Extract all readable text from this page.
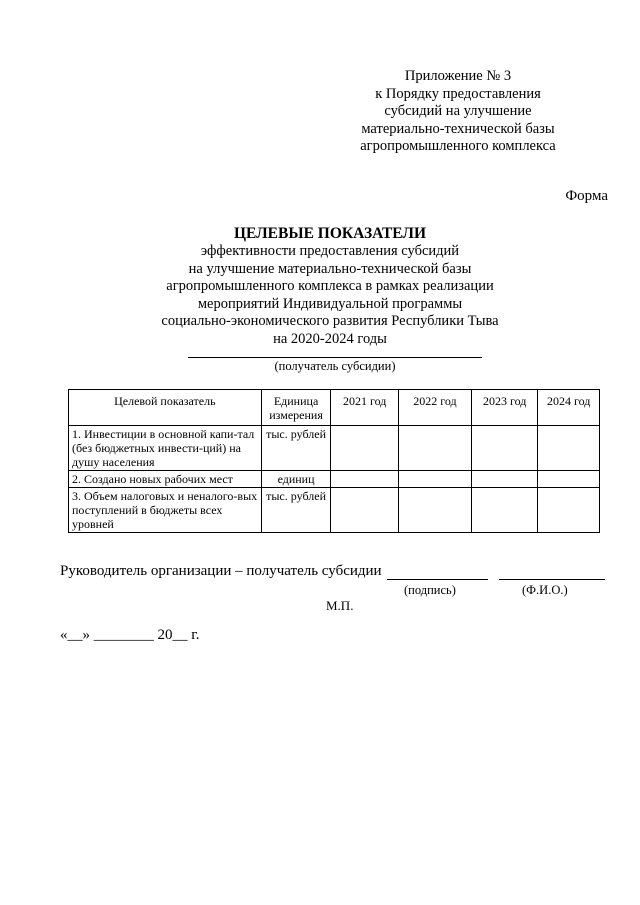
Приложение № 3
к Порядку предоставления
субсидий на улучшение
материально-технической базы
агропромышленного комплекса
Форма
ЦЕЛЕВЫЕ ПОКАЗАТЕЛИ
эффективности предоставления субсидий
на улучшение материально-технической базы
агропромышленного комплекса в рамках реализации
мероприятий Индивидуальной программы
социально-экономического развития Республики Тыва
на 2020-2024 годы
(получатель субсидии)
Целевой показатель	Единица измерения	2021 год	2022 год	2023 год	2024 год
1. Инвестиции в основной капи-тал (без бюджетных инвести-ций) на душу населения	тыс. рублей				
2. Создано новых рабочих мест	единиц				
3. Объем налоговых и неналого-вых поступлений в бюджеты всех уровней	тыс. рублей				
Руководитель организации – получатель субсидии
(подпись)	(Ф.И.О.)
М.П.
«__» ________ 20__ г.
